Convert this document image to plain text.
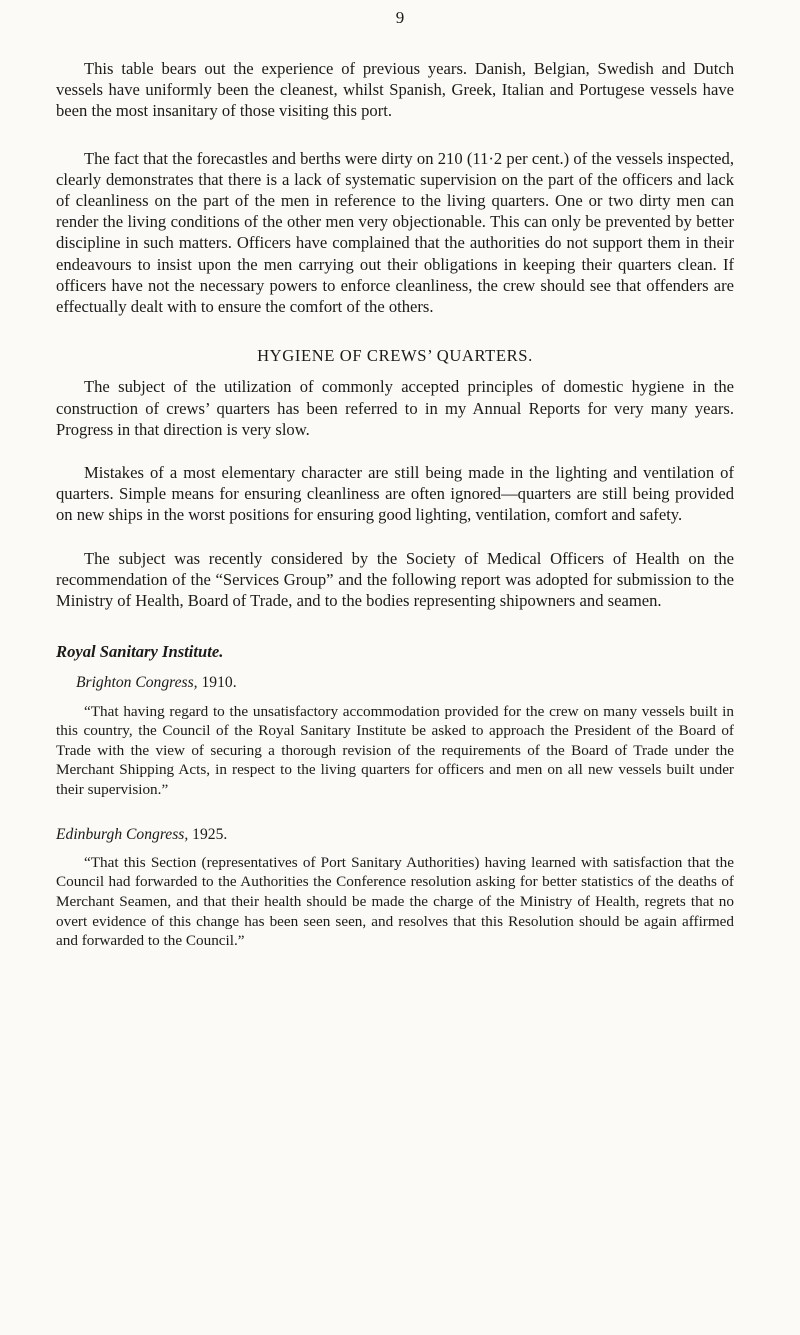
9

This table bears out the experience of previous years. Danish, Belgian, Swedish and Dutch vessels have uniformly been the cleanest, whilst Spanish, Greek, Italian and Portugese vessels have been the most insanitary of those visiting this port.

The fact that the forecastles and berths were dirty on 210 (11·2 per cent.) of the vessels inspected, clearly demonstrates that there is a lack of systematic supervision on the part of the officers and lack of cleanliness on the part of the men in reference to the living quarters. One or two dirty men can render the living conditions of the other men very objectionable. This can only be prevented by better discipline in such matters. Officers have complained that the authorities do not support them in their endeavours to insist upon the men carrying out their obligations in keeping their quarters clean. If officers have not the necessary powers to enforce cleanliness, the crew should see that offenders are effectually dealt with to ensure the comfort of the others.

HYGIENE OF CREWS’ QUARTERS.

The subject of the utilization of commonly accepted principles of domestic hygiene in the construction of crews’ quarters has been referred to in my Annual Reports for very many years. Progress in that direction is very slow.

Mistakes of a most elementary character are still being made in the lighting and ventilation of quarters. Simple means for ensuring cleanliness are often ignored—quarters are still being provided on new ships in the worst positions for ensuring good lighting, ventilation, comfort and safety.

The subject was recently considered by the Society of Medical Officers of Health on the recommendation of the “Services Group” and the following report was adopted for submission to the Ministry of Health, Board of Trade, and to the bodies representing shipowners and seamen.

Royal Sanitary Institute.

Brighton Congress, 1910.

“That having regard to the unsatisfactory accommodation provided for the crew on many vessels built in this country, the Council of the Royal Sanitary Institute be asked to approach the President of the Board of Trade with the view of securing a thorough revision of the requirements of the Board of Trade under the Merchant Shipping Acts, in respect to the living quarters for officers and men on all new vessels built under their supervision.”

Edinburgh Congress, 1925.

“That this Section (representatives of Port Sanitary Authorities) having learned with satisfaction that the Council had forwarded to the Authorities the Conference resolution asking for better statistics of the deaths of Merchant Seamen, and that their health should be made the charge of the Ministry of Health, regrets that no overt evidence of this change has been seen seen, and resolves that this Resolution should be again affirmed and forwarded to the Council.”
